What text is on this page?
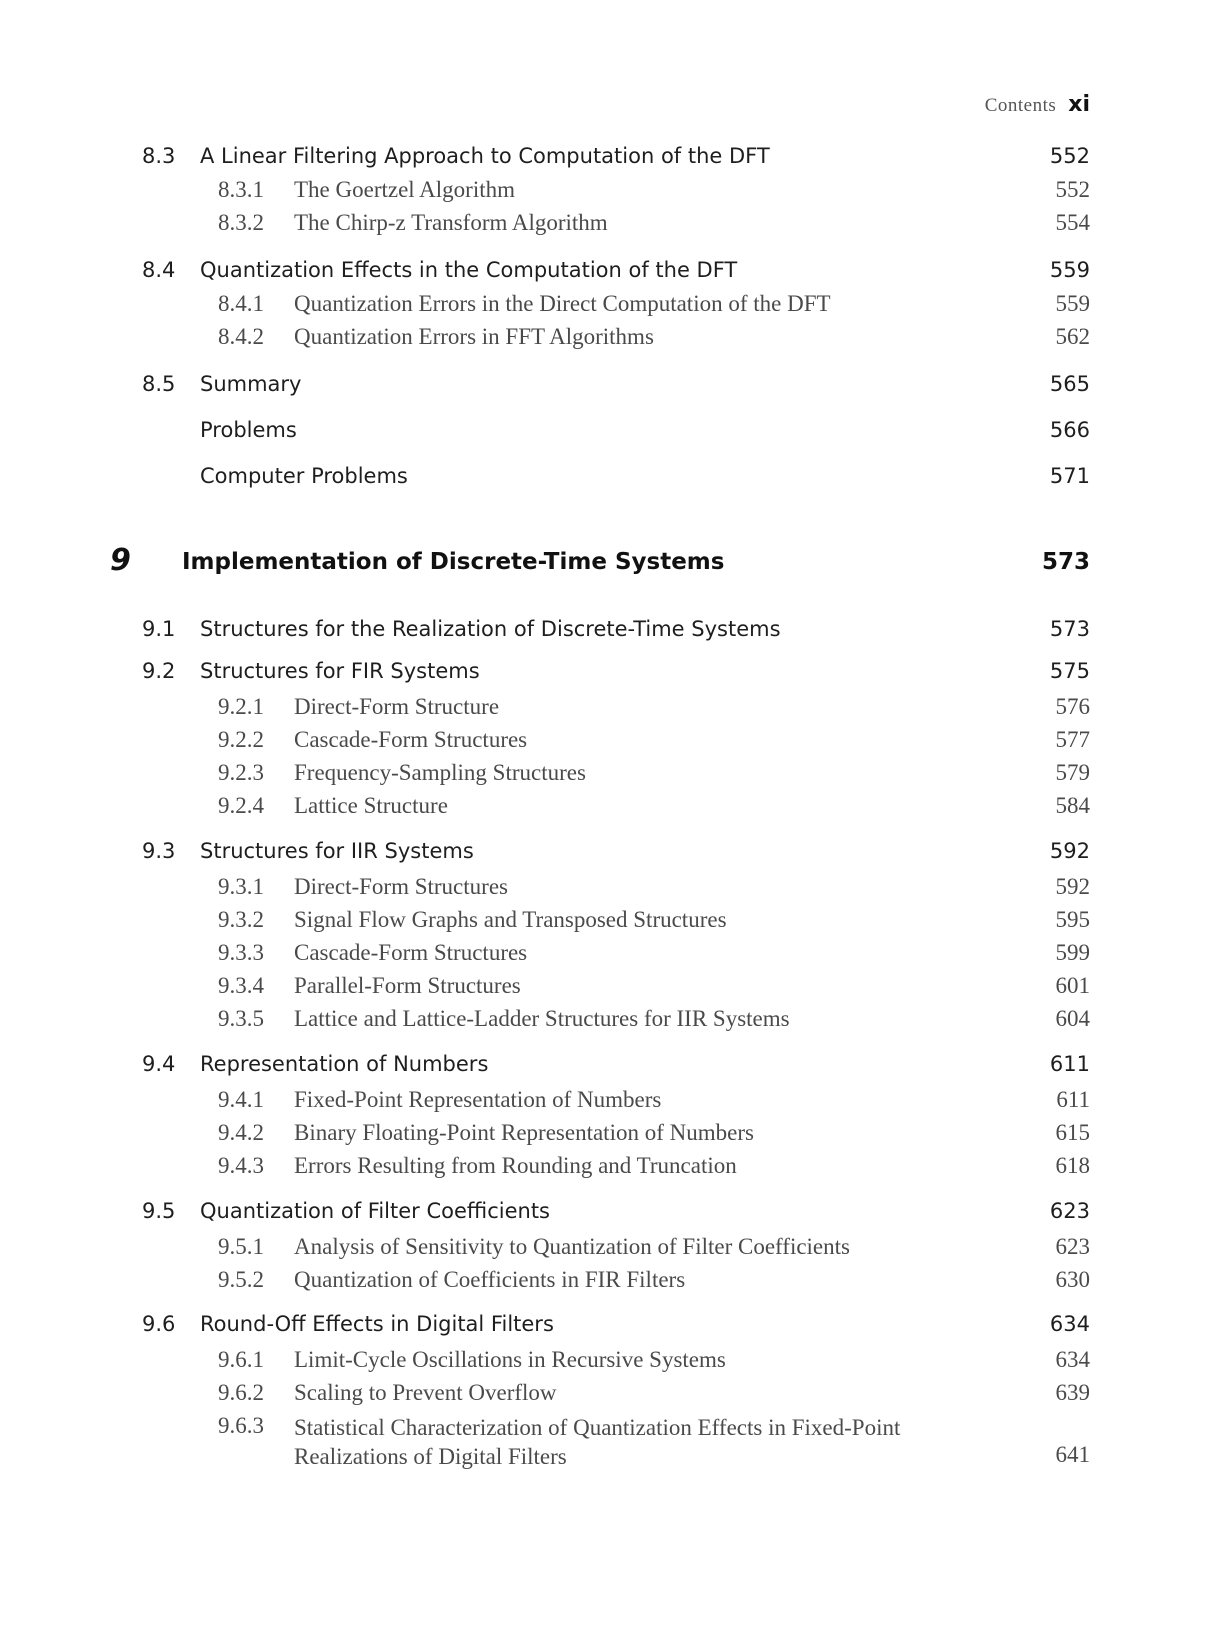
Contents xi
8.3 A Linear Filtering Approach to Computation of the DFT	552
8.3.1 The Goertzel Algorithm	552
8.3.2 The Chirp-z Transform Algorithm	554
8.4 Quantization Effects in the Computation of the DFT	559
8.4.1 Quantization Errors in the Direct Computation of the DFT	559
8.4.2 Quantization Errors in FFT Algorithms	562
8.5 Summary	565
Problems	566
Computer Problems	571
9 Implementation of Discrete-Time Systems	573
9.1 Structures for the Realization of Discrete-Time Systems	573
9.2 Structures for FIR Systems	575
9.2.1 Direct-Form Structure	576
9.2.2 Cascade-Form Structures	577
9.2.3 Frequency-Sampling Structures	579
9.2.4 Lattice Structure	584
9.3 Structures for IIR Systems	592
9.3.1 Direct-Form Structures	592
9.3.2 Signal Flow Graphs and Transposed Structures	595
9.3.3 Cascade-Form Structures	599
9.3.4 Parallel-Form Structures	601
9.3.5 Lattice and Lattice-Ladder Structures for IIR Systems	604
9.4 Representation of Numbers	611
9.4.1 Fixed-Point Representation of Numbers	611
9.4.2 Binary Floating-Point Representation of Numbers	615
9.4.3 Errors Resulting from Rounding and Truncation	618
9.5 Quantization of Filter Coefficients	623
9.5.1 Analysis of Sensitivity to Quantization of Filter Coefficients	623
9.5.2 Quantization of Coefficients in FIR Filters	630
9.6 Round-Off Effects in Digital Filters	634
9.6.1 Limit-Cycle Oscillations in Recursive Systems	634
9.6.2 Scaling to Prevent Overflow	639
9.6.3 Statistical Characterization of Quantization Effects in Fixed-Point Realizations of Digital Filters	641
